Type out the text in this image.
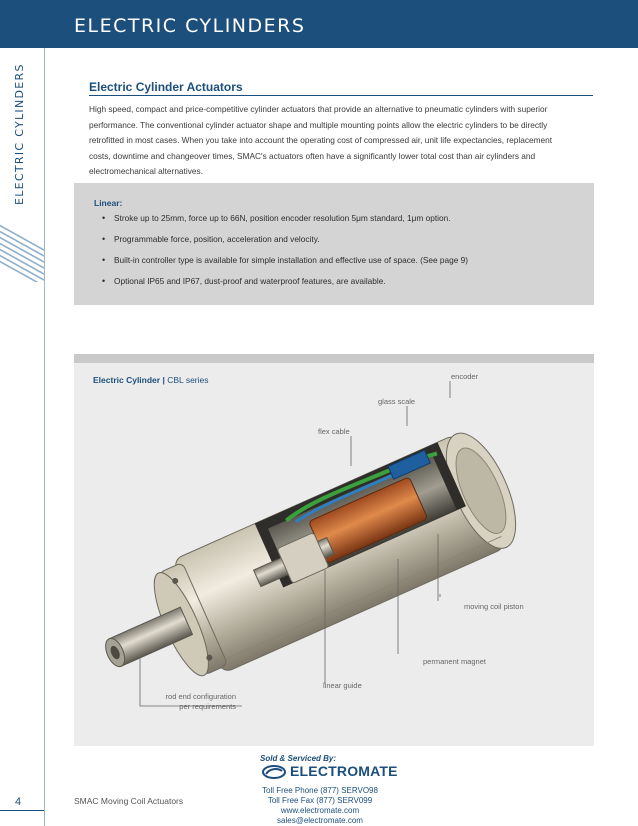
ELECTRIC CYLINDERS
ELECTRIC CYLINDERS
4
Electric Cylinder Actuators
High speed, compact and price-competitive cylinder actuators that provide an alternative to pneumatic cylinders with superior
performance. The conventional cylinder actuator shape and multiple mounting points allow the electric cylinders to be directly
retrofitted in most cases. When you take into account the operating cost of compressed air, unit life expectancies, replacement
costs, downtime and changeover times, SMAC's actuators often have a significantly lower total cost than air cylinders and
electromechanical alternatives.
Linear:
• Stroke up to 25mm, force up to 66N, position encoder resolution 5μm standard, 1μm option.
• Programmable force, position, acceleration and velocity.
• Built-in controller type is available for simple installation and effective use of space. (See page 9)
• Optional IP65 and IP67, dust-proof and waterproof features, are available.
Electric Cylinder | CBL series	encoder
glass scale
flex cable
moving coil piston
permanent magnet
linear guide
rod end configuration
per requirements
SMAC Moving Coil Actuators
Sold & Serviced By:
ELECTROMATE
Toll Free Phone (877) SERVO98
Toll Free Fax (877) SERV099
www.electromate.com
sales@electromate.com
